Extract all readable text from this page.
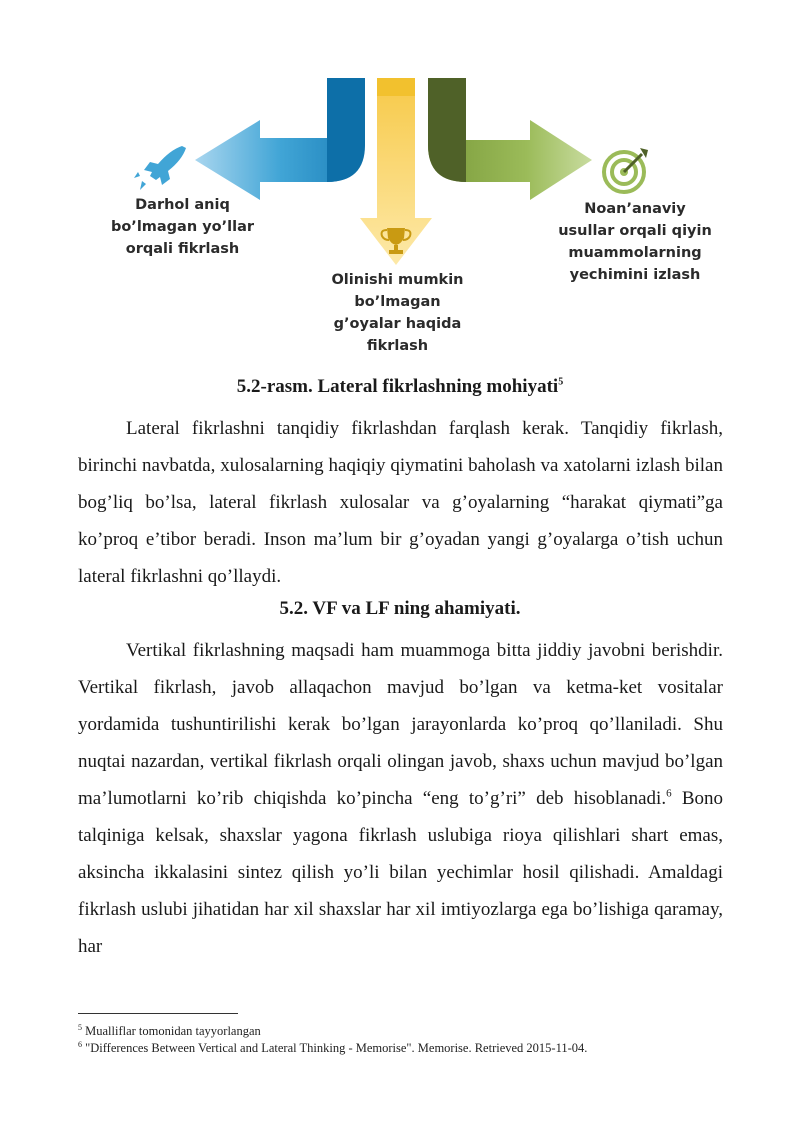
Darhol aniq
bo’lmagan yo’llar
orqali fikrlash
Olinishi mumkin
bo’lmagan
g’oyalar haqida
fikrlash
Noan’anaviy
usullar orqali qiyin
muammolarning
yechimini izlash
5.2-rasm. Lateral fikrlashning mohiyati$^5$
Lateral fikrlashni tanqidiy fikrlashdan farqlash kerak. Tanqidiy fikrlash, birinchi navbatda, xulosalarning haqiqiy qiymatini baholash va xatolarni izlash bilan bog’liq bo’lsa, lateral fikrlash xulosalar va g’oyalarning “harakat qiymati”ga ko’proq e’tibor beradi. Inson ma’lum bir g’oyadan yangi g’oyalarga o’tish uchun lateral fikrlashni qo’llaydi.
5.2. VF va LF ning ahamiyati.
Vertikal fikrlashning maqsadi ham muammoga bitta jiddiy javobni berishdir. Vertikal fikrlash, javob allaqachon mavjud bo’lgan va ketma-ket vositalar yordamida tushuntirilishi kerak bo’lgan jarayonlarda ko’proq qo’llaniladi. Shu nuqtai nazardan, vertikal fikrlash orqali olingan javob, shaxs uchun mavjud bo’lgan ma’lumotlarni ko’rib chiqishda ko’pincha “eng to’g’ri” deb hisoblanadi.$^6$ Bono talqiniga kelsak, shaxslar yagona fikrlash uslubiga rioya qilishlari shart emas, aksincha ikkalasini sintez qilish yo’li bilan yechimlar hosil qilishadi. Amaldagi fikrlash uslubi jihatidan har xil shaxslar har xil imtiyozlarga ega bo’lishiga qaramay, har
$^5$ Mualliflar tomonidan tayyorlangan
$^6$ "Differences Between Vertical and Lateral Thinking - Memorise". Memorise. Retrieved 2015-11-04.
